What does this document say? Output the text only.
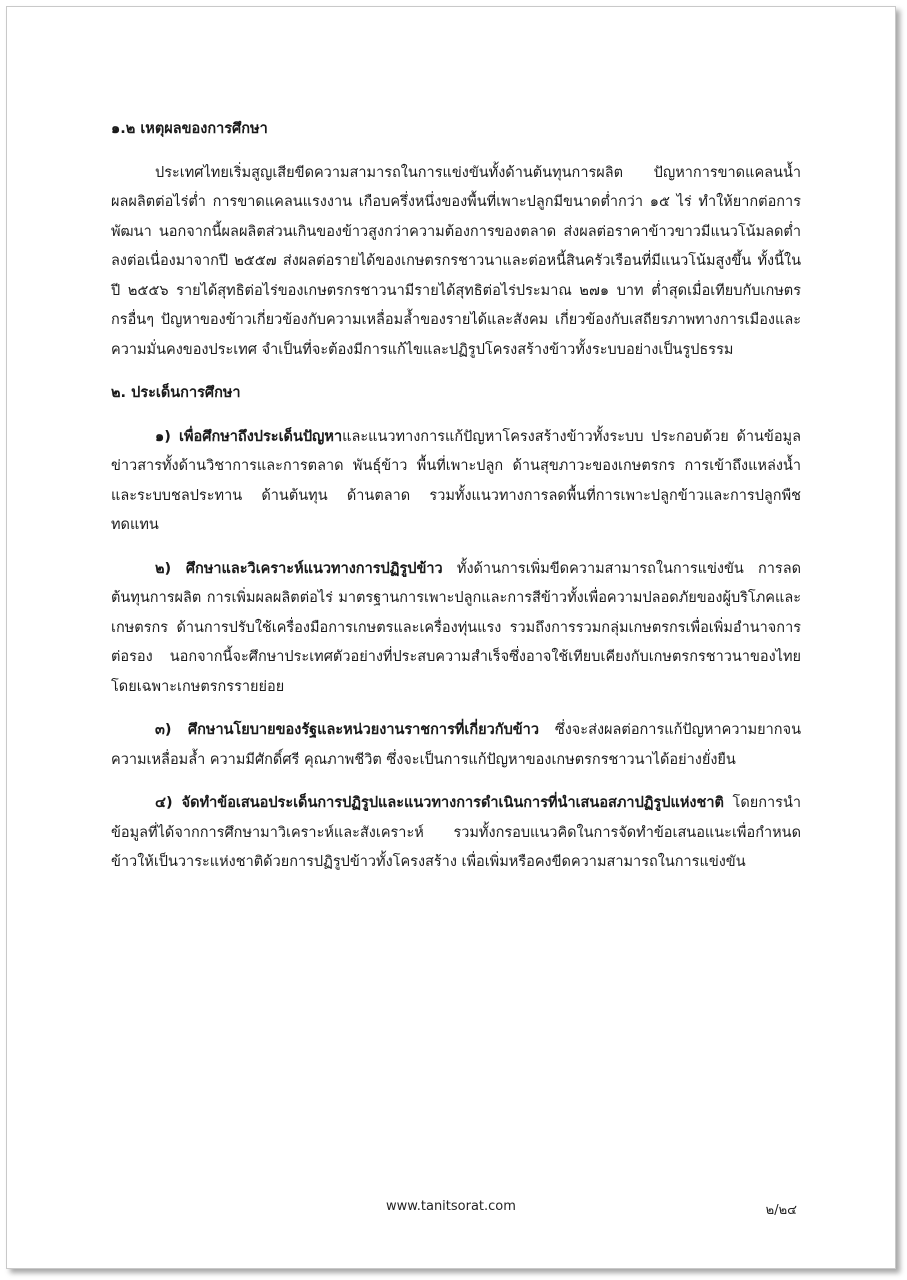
๑.๒ เหตุผลของการศึกษา

ประเทศไทยเริ่มสูญเสียขีดความสามารถในการแข่งขันทั้งด้านต้นทุนการผลิต ปัญหาการขาดแคลนน้ำ ผลผลิตต่อไร่ต่ำ การขาดแคลนแรงงาน เกือบครึ่งหนึ่งของพื้นที่เพาะปลูกมีขนาดต่ำกว่า ๑๕ ไร่ ทำให้ยากต่อการพัฒนา นอกจากนี้ผลผลิตส่วนเกินของข้าวสูงกว่าความต้องการของตลาด ส่งผลต่อราคาข้าวขาวมีแนวโน้มลดต่ำลงต่อเนื่องมาจากปี ๒๕๕๗ ส่งผลต่อรายได้ของเกษตรกรชาวนาและต่อหนี้สินครัวเรือนที่มีแนวโน้มสูงขึ้น ทั้งนี้ในปี ๒๕๕๖ รายได้สุทธิต่อไร่ของเกษตรกรชาวนามีรายได้สุทธิต่อไร่ประมาณ ๒๗๑ บาท ต่ำสุดเมื่อเทียบกับเกษตรกรอื่นๆ ปัญหาของข้าวเกี่ยวข้องกับความเหลื่อมล้ำของรายได้และสังคม เกี่ยวข้องกับเสถียรภาพทางการเมืองและความมั่นคงของประเทศ จำเป็นที่จะต้องมีการแก้ไขและปฏิรูปโครงสร้างข้าวทั้งระบบอย่างเป็นรูปธรรม

๒. ประเด็นการศึกษา

๑) เพื่อศึกษาถึงประเด็นปัญหาและแนวทางการแก้ปัญหาโครงสร้างข้าวทั้งระบบ ประกอบด้วย ด้านข้อมูลข่าวสารทั้งด้านวิชาการและการตลาด พันธุ์ข้าว พื้นที่เพาะปลูก ด้านสุขภาวะของเกษตรกร การเข้าถึงแหล่งน้ำและระบบชลประทาน ด้านต้นทุน ด้านตลาด รวมทั้งแนวทางการลดพื้นที่การเพาะปลูกข้าวและการปลูกพืชทดแทน

๒) ศึกษาและวิเคราะห์แนวทางการปฏิรูปข้าว ทั้งด้านการเพิ่มขีดความสามารถในการแข่งขัน การลดต้นทุนการผลิต การเพิ่มผลผลิตต่อไร่ มาตรฐานการเพาะปลูกและการสีข้าวทั้งเพื่อความปลอดภัยของผู้บริโภคและเกษตรกร ด้านการปรับใช้เครื่องมือการเกษตรและเครื่องทุ่นแรง รวมถึงการรวมกลุ่มเกษตรกรเพื่อเพิ่มอำนาจการต่อรอง นอกจากนี้จะศึกษาประเทศตัวอย่างที่ประสบความสำเร็จซึ่งอาจใช้เทียบเคียงกับเกษตรกรชาวนาของไทยโดยเฉพาะเกษตรกรรายย่อย

๓) ศึกษานโยบายของรัฐและหน่วยงานราชการที่เกี่ยวกับข้าว ซึ่งจะส่งผลต่อการแก้ปัญหาความยากจน ความเหลื่อมล้ำ ความมีศักดิ์ศรี คุณภาพชีวิต ซึ่งจะเป็นการแก้ปัญหาของเกษตรกรชาวนาได้อย่างยั่งยืน

๔) จัดทำข้อเสนอประเด็นการปฏิรูปและแนวทางการดำเนินการที่นำเสนอสภาปฏิรูปแห่งชาติ โดยการนำข้อมูลที่ได้จากการศึกษามาวิเคราะห์และสังเคราะห์ รวมทั้งกรอบแนวคิดในการจัดทำข้อเสนอแนะเพื่อกำหนดข้าวให้เป็นวาระแห่งชาติด้วยการปฏิรูปข้าวทั้งโครงสร้าง เพื่อเพิ่มหรือคงขีดความสามารถในการแข่งขัน

www.tanitsorat.com	๒/๒๔
